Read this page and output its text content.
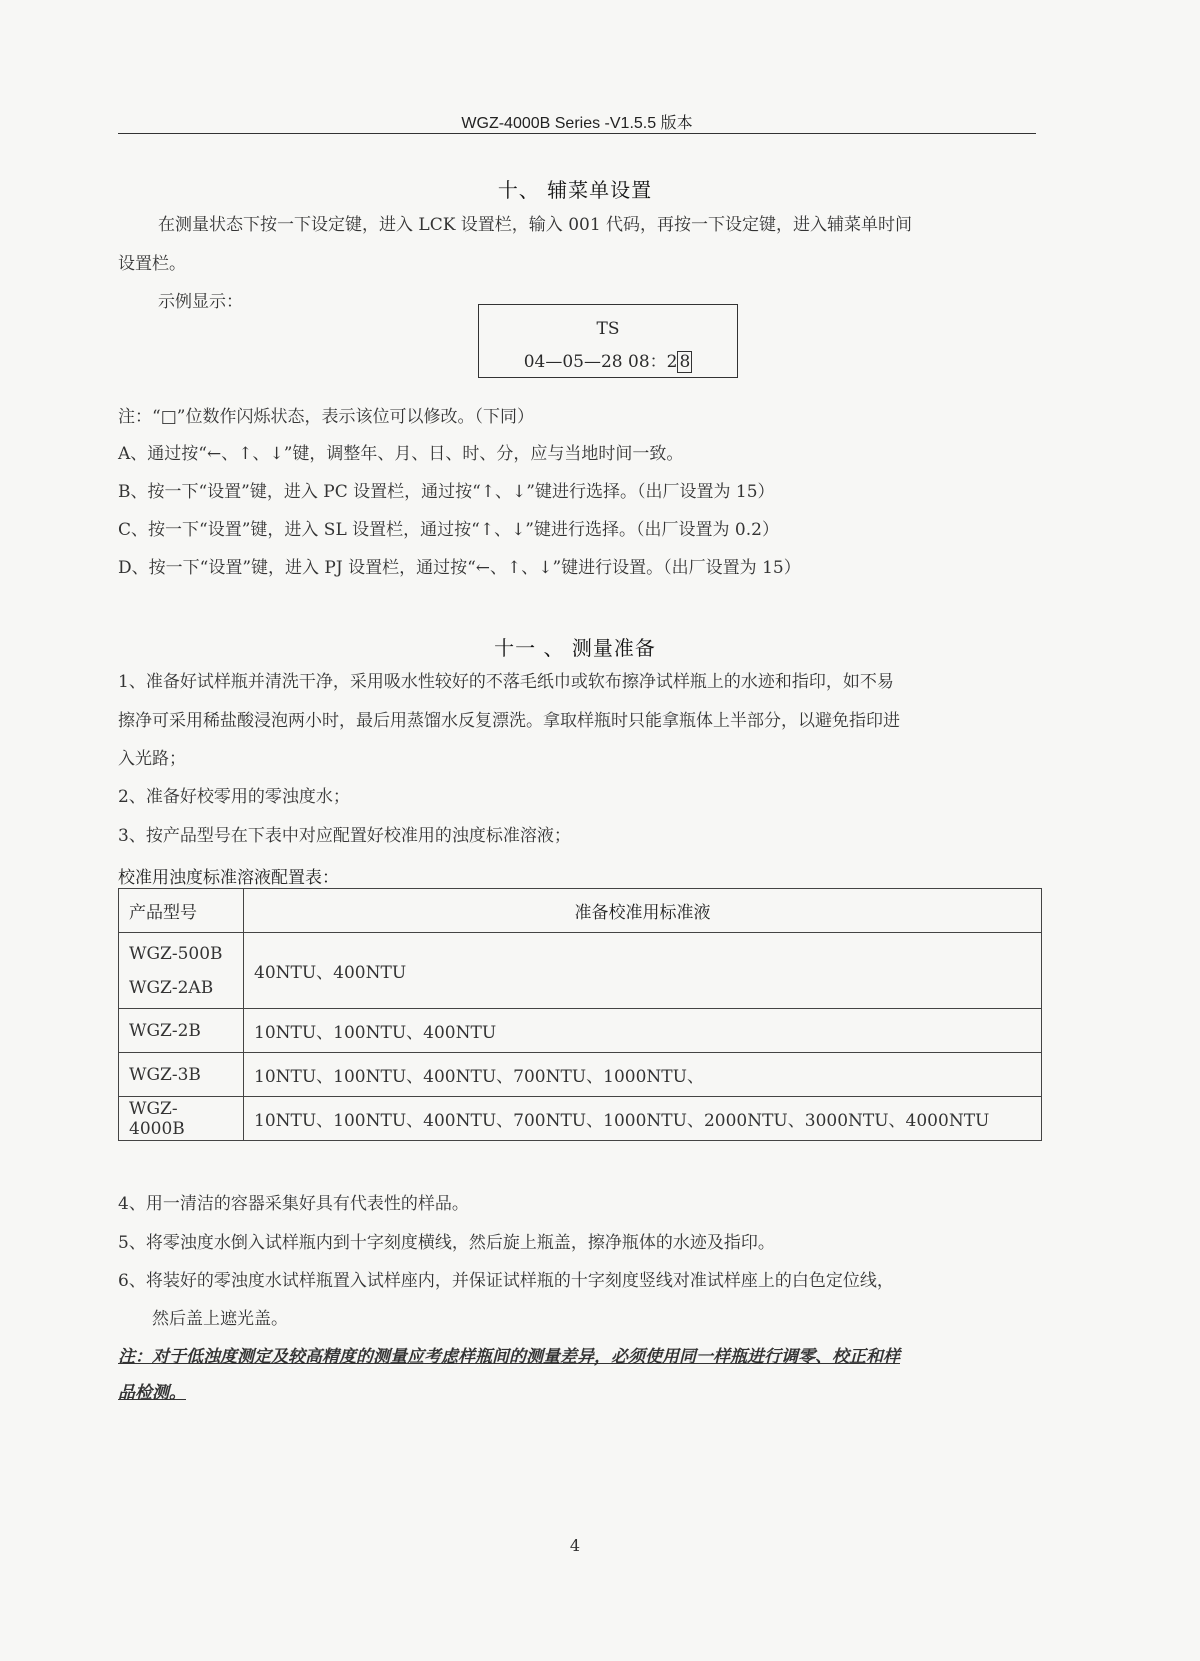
WGZ-4000B Series -V1.5.5 版本
十、 辅菜单设置
在测量状态下按一下设定键，进入 LCK 设置栏，输入 001 代码，再按一下设定键，进入辅菜单时间
设置栏。
示例显示：
TS
04—05—28 08：2 8
注：“□”位数作闪烁状态，表示该位可以修改。（下同）
A、通过按“←、↑、↓”键，调整年、月、日、时、分，应与当地时间一致。
B、按一下“设置”键，进入 PC 设置栏，通过按“↑、↓”键进行选择。（出厂设置为 15）
C、按一下“设置”键，进入 SL 设置栏，通过按“↑、↓”键进行选择。（出厂设置为 0.2）
D、按一下“设置”键，进入 PJ 设置栏，通过按“←、↑、↓”键进行设置。（出厂设置为 15）
十一 、 测量准备
1、准备好试样瓶并清洗干净，采用吸水性较好的不落毛纸巾或软布擦净试样瓶上的水迹和指印，如不易
擦净可采用稀盐酸浸泡两小时，最后用蒸馏水反复漂洗。拿取样瓶时只能拿瓶体上半部分，以避免指印进
入光路；
2、准备好校零用的零浊度水；
3、按产品型号在下表中对应配置好校准用的浊度标准溶液；
校准用浊度标准溶液配置表：
产品型号	准备校准用标准液

WGZ-500B
WGZ-2AB	40NTU、400NTU
WGZ-2B	10NTU、100NTU、400NTU
WGZ-3B	10NTU、100NTU、400NTU、700NTU、1000NTU、
WGZ-4000B	10NTU、100NTU、400NTU、700NTU、1000NTU、2000NTU、3000NTU、4000NTU
4、用一清洁的容器采集好具有代表性的样品。
5、将零浊度水倒入试样瓶内到十字刻度横线，然后旋上瓶盖，擦净瓶体的水迹及指印。
6、将装好的零浊度水试样瓶置入试样座内，并保证试样瓶的十字刻度竖线对准试样座上的白色定位线，
然后盖上遮光盖。
注：对于低浊度测定及较高精度的测量应考虑样瓶间的测量差异，必须使用同一样瓶进行调零、校正和样
品检测。
4
